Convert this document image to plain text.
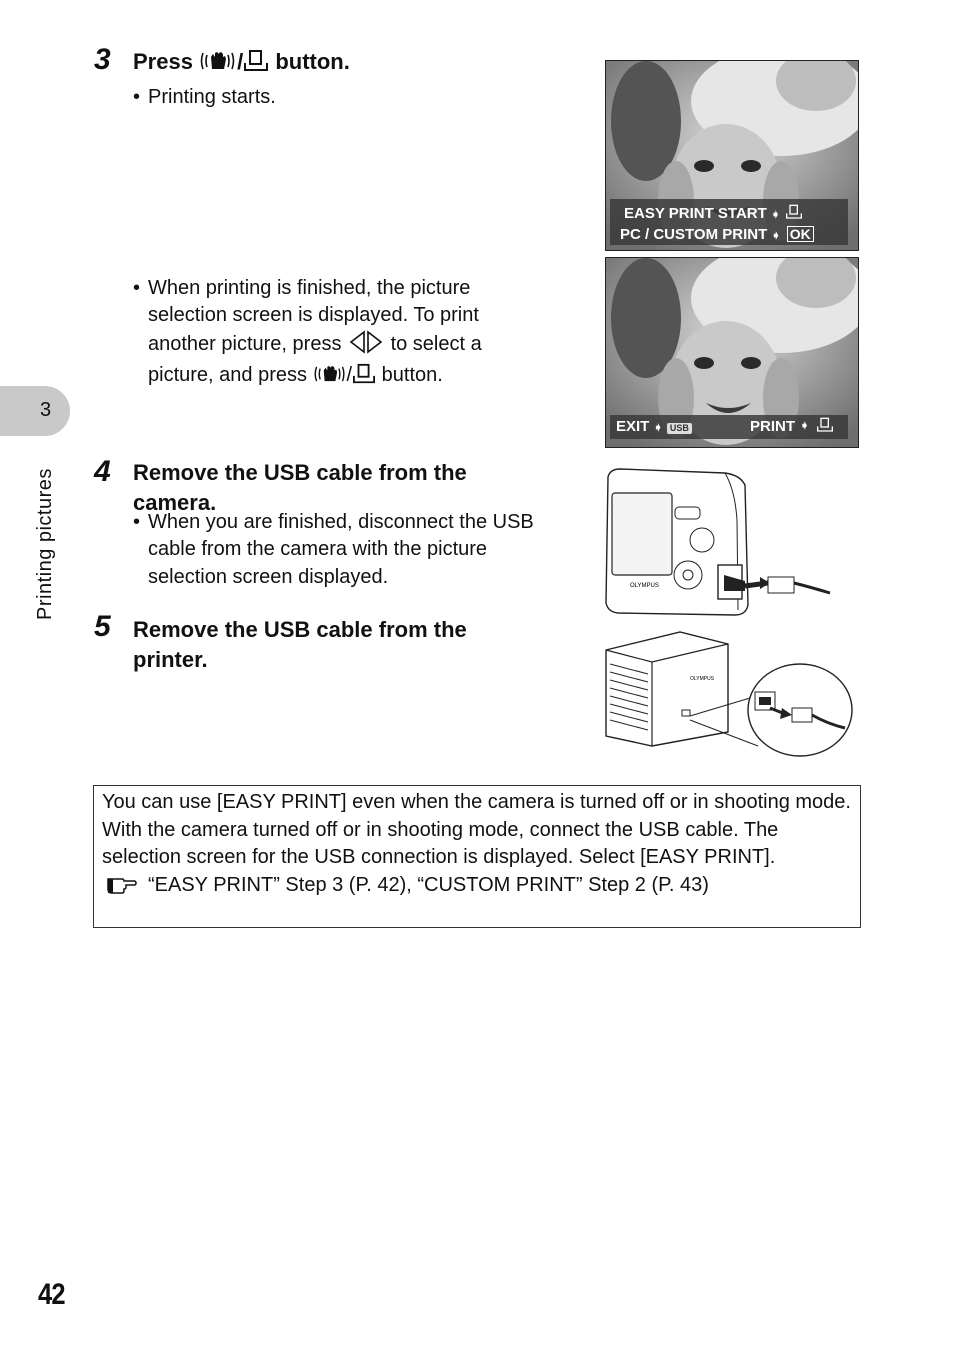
3 Press / button.
• Printing starts.
• When printing is finished, the picture selection screen is displayed. To print another picture, press to select a picture, and press / button.
• When you are finished, disconnect the USB cable from the camera with the picture selection screen displayed.
4 Remove the USB cable from the camera.
5 Remove the USB cable from the printer.
EASY PRINT START ➧
PC / CUSTOM PRINT ➧ OK
EXIT ➧ USB	PRINT ➧
OLYMPUS
OLYMPUS
3
Printing pictures
You can use [EASY PRINT] even when the camera is turned off or in shooting mode. With the camera turned off or in shooting mode, connect the USB cable. The selection screen for the USB connection is displayed. Select [EASY PRINT].
“EASY PRINT” Step 3 (P. 42), “CUSTOM PRINT” Step 2 (P. 43)
42
